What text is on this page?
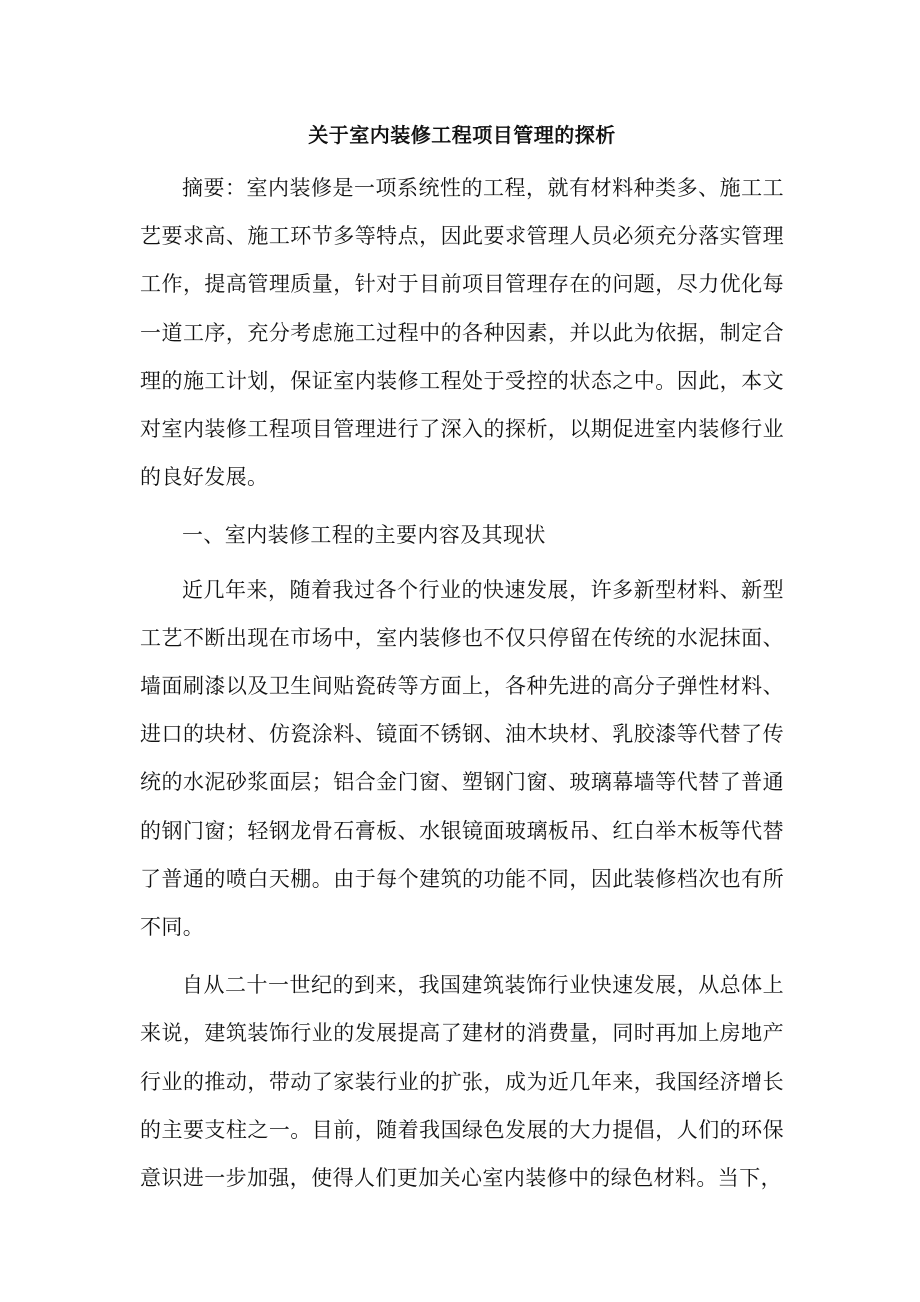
关于室内装修工程项目管理的探析

摘要：室内装修是一项系统性的工程，就有材料种类多、施工工艺要求高、施工环节多等特点，因此要求管理人员必须充分落实管理工作，提高管理质量，针对于目前项目管理存在的问题，尽力优化每一道工序，充分考虑施工过程中的各种因素，并以此为依据，制定合理的施工计划，保证室内装修工程处于受控的状态之中。因此，本文对室内装修工程项目管理进行了深入的探析，以期促进室内装修行业的良好发展。

一、室内装修工程的主要内容及其现状

近几年来，随着我过各个行业的快速发展，许多新型材料、新型工艺不断出现在市场中，室内装修也不仅只停留在传统的水泥抹面、墙面刷漆以及卫生间贴瓷砖等方面上，各种先进的高分子弹性材料、进口的块材、仿瓷涂料、镜面不锈钢、油木块材、乳胶漆等代替了传统的水泥砂浆面层；铝合金门窗、塑钢门窗、玻璃幕墙等代替了普通的钢门窗；轻钢龙骨石膏板、水银镜面玻璃板吊、红白举木板等代替了普通的喷白天棚。由于每个建筑的功能不同，因此装修档次也有所不同。

自从二十一世纪的到来，我国建筑装饰行业快速发展，从总体上来说，建筑装饰行业的发展提高了建材的消费量，同时再加上房地产行业的推动，带动了家装行业的扩张，成为近几年来，我国经济增长的主要支柱之一。目前，随着我国绿色发展的大力提倡，人们的环保意识进一步加强，使得人们更加关心室内装修中的绿色材料。当下，
